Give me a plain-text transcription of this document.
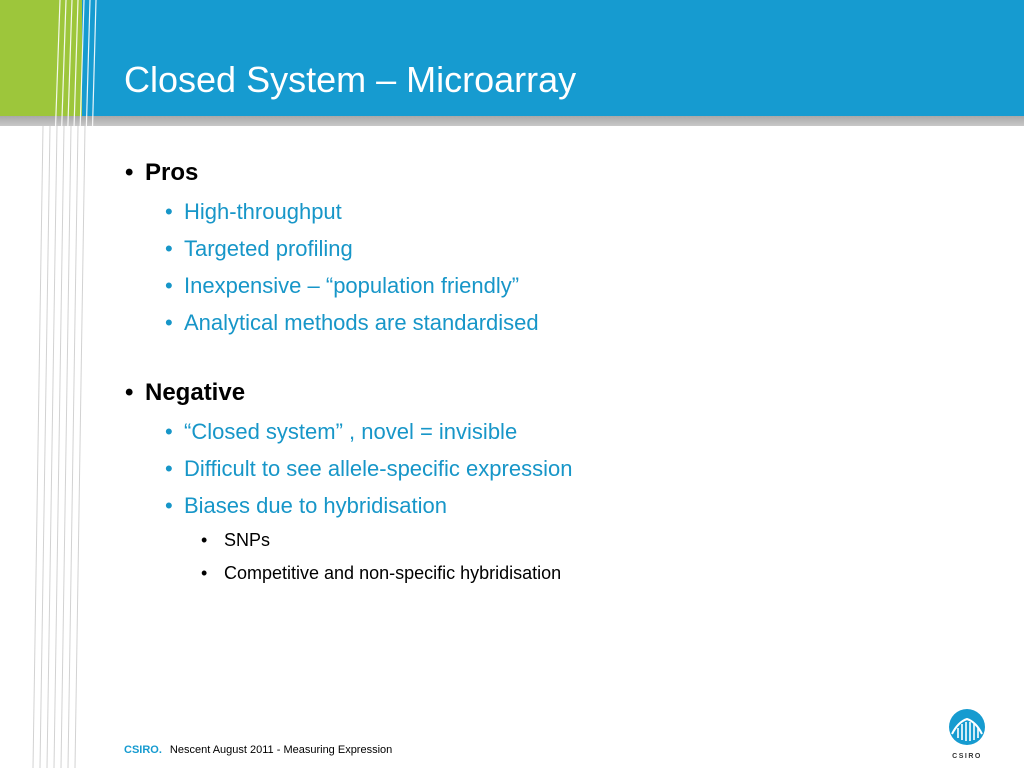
Closed System – Microarray
• Pros
• High-throughput
• Targeted profiling
• Inexpensive – “population friendly”
• Analytical methods are standardised
• Negative
• “Closed system” , novel = invisible
• Difficult to see allele-specific expression
• Biases due to hybridisation
• SNPs
• Competitive and non-specific hybridisation
CSIRO. Nescent August 2011 - Measuring Expression
CSIRO
